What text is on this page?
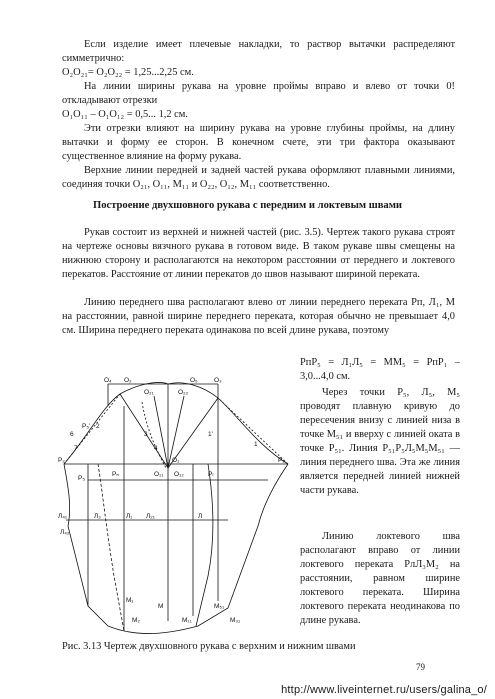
Если изделие имеет плечевые накладки, то раствор вытачки распределяют симметрично:

O₂O₂₁= O₂O₂₂ = 1,25...2,25 см.

На линии ширины рукава на уровне проймы вправо и влево от точки 0! откладывают отрезки

O₁O₁₁ – O₁O₁₂ = 0,5... 1,2 см.

Эти отрезки влияют на ширину рукава на уровне глубины проймы, на длину вытачки и форму ее сторон. В конечном счете, эти три фактора оказывают существенное влияние на форму рукава.

Верхние линии передней и задней частей рукава оформляют плавными линиями, соединяя точки O₂₁, O₁₁, M₁₁ и O₂₂, O₁₂, M₁₁ соответственно.

Построение двухшовного рукава с передним и локтевым швами

Рукав состоит из верхней и нижней частей (рис. 3.5). Чертеж такого рукава строят на чертеже основы вязчного рукава в готовом виде. В таком рукаве швы смещены на нижнюю сторону и располагаются на некотором расстоянии от переднего и локтевого перекатов. Расстояние от линии перекатов до швов называют шириной переката.

Линию переднего шва располагают влево от линии переднего переката Рп, Л₁, М на расстоянии, равной ширине переднего переката, которая обычно не превышает 4,0 см. Ширина переднего переката одинакова по всей длине рукава, поэтому

O₄ O₂	O₅	O₃
O₂₁	O₂₂
O₁
O₁₁ O₁₂
P₂	P₁
Pₙ	Pₗ
P₅
P₅'
Л₄₁
Л₄₂
Л₂₁	Л
Л₁
Л₃
M
M₁
M₂	M₁₁
M₅₁
M₃₁
1
2
3
4
6
7
1'

РпР₅ = Л₁Л₅ = ММ₅ = РпР₁ – 3,0...4,0 см.

Через точки Р₅, Л₅, М₅ проводят плавную кривую до пересечения внизу с линией низа в точке М₅₁ и вверху с линией оката в точке Р₅₁. Линия Р₅₁Р₅Л₅М₅М₅₁ — линия переднего шва. Эта же линия является передней линией нижней части рукава.

Линию локтевого шва располагают вправо от линии локтевого переката РлЛ₃М₂ на расстоянии, равном ширине локтевого переката. Ширина локтевого переката неодинакова по длине рукава.

Рис. 3.13 Чертеж двухшовного рукава с верхним и нижним швами
79
http://www.liveinternet.ru/users/galina_o/
